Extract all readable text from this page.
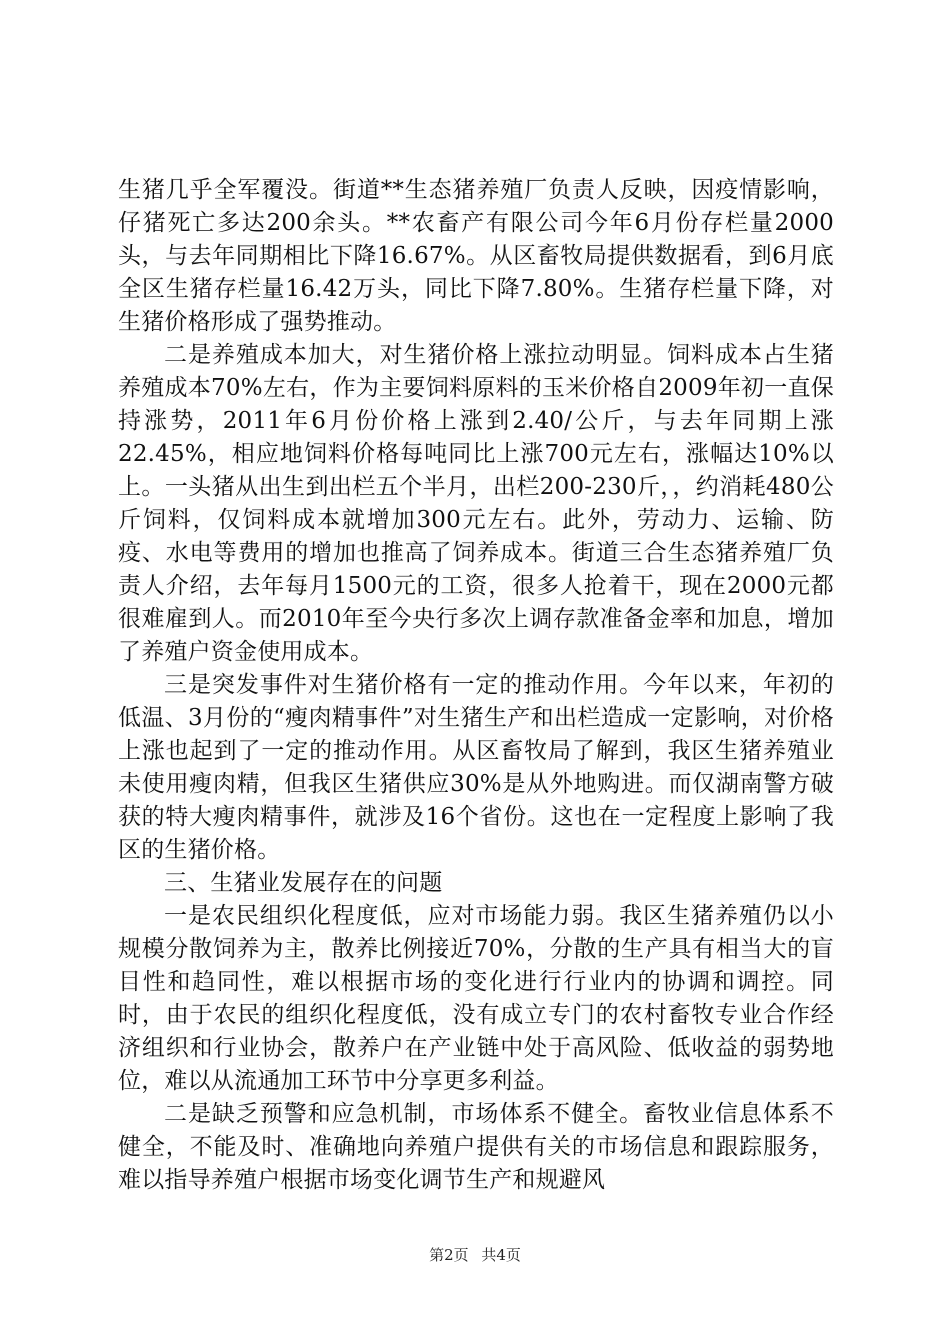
生猪几乎全军覆没。街道**生态猪养殖厂负责人反映，因疫情影响，仔猪死亡多达200余头。**农畜产有限公司今年6月份存栏量2000头，与去年同期相比下降16.67%。从区畜牧局提供数据看，到6月底全区生猪存栏量16.42万头，同比下降7.80%。生猪存栏量下降，对生猪价格形成了强势推动。

二是养殖成本加大，对生猪价格上涨拉动明显。饲料成本占生猪养殖成本70%左右，作为主要饲料原料的玉米价格自2009年初一直保持涨势，2011年6月份价格上涨到2.40/公斤，与去年同期上涨22.45%，相应地饲料价格每吨同比上涨700元左右，涨幅达10%以上。一头猪从出生到出栏五个半月，出栏200-230斤，，约消耗480公斤饲料，仅饲料成本就增加300元左右。此外，劳动力、运输、防疫、水电等费用的增加也推高了饲养成本。街道三合生态猪养殖厂负责人介绍，去年每月1500元的工资，很多人抢着干，现在2000元都很难雇到人。而2010年至今央行多次上调存款准备金率和加息，增加了养殖户资金使用成本。

三是突发事件对生猪价格有一定的推动作用。今年以来，年初的低温、3月份的“瘦肉精事件”对生猪生产和出栏造成一定影响，对价格上涨也起到了一定的推动作用。从区畜牧局了解到，我区生猪养殖业未使用瘦肉精，但我区生猪供应30%是从外地购进。而仅湖南警方破获的特大瘦肉精事件，就涉及16个省份。这也在一定程度上影响了我区的生猪价格。

三、生猪业发展存在的问题

一是农民组织化程度低，应对市场能力弱。我区生猪养殖仍以小规模分散饲养为主，散养比例接近70%，分散的生产具有相当大的盲目性和趋同性，难以根据市场的变化进行行业内的协调和调控。同时，由于农民的组织化程度低，没有成立专门的农村畜牧专业合作经济组织和行业协会，散养户在产业链中处于高风险、低收益的弱势地位，难以从流通加工环节中分享更多利益。

二是缺乏预警和应急机制，市场体系不健全。畜牧业信息体系不健全，不能及时、准确地向养殖户提供有关的市场信息和跟踪服务，难以指导养殖户根据市场变化调节生产和规避风

第2页 共4页
